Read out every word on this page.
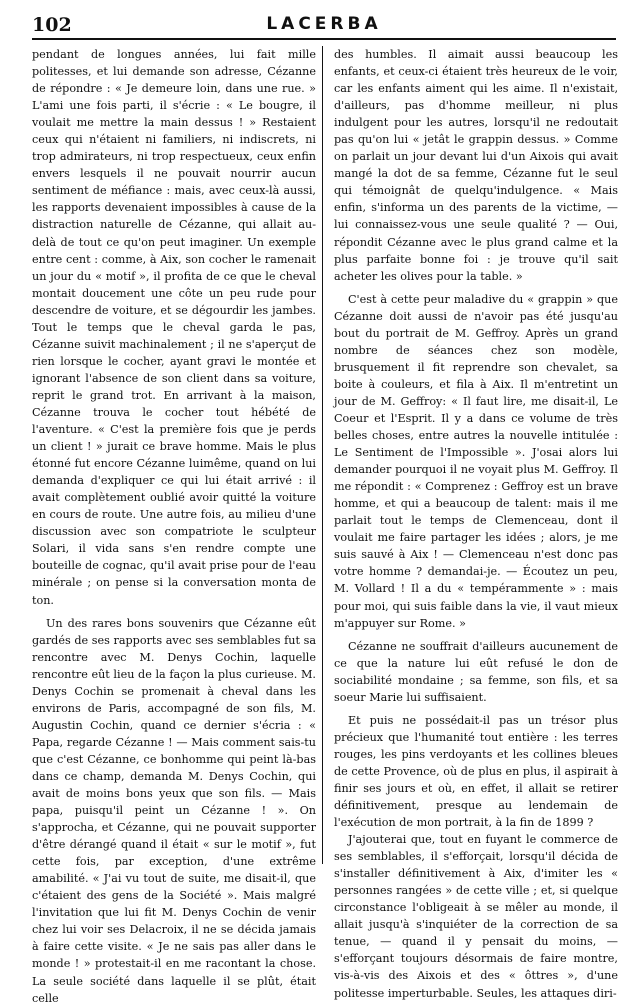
102	LACERBA

pendant de longues années, lui fait mille politesses, et lui demande son adresse, Cézanne de répondre : « Je demeure loin, dans une rue. » L'ami une fois parti, il s'écrie : « Le bougre, il voulait me mettre la main dessus ! » Restaient ceux qui n'étaient ni familiers, ni indiscrets, ni trop admirateurs, ni trop respectueux, ceux enfin envers lesquels il ne pouvait nourrir aucun sentiment de méfiance : mais, avec ceux-là aussi, les rapports devenaient impossibles à cause de la distraction naturelle de Cézanne, qui allait au-delà de tout ce qu'on peut imaginer. Un exemple entre cent : comme, à Aix, son cocher le ramenait un jour du « motif », il profita de ce que le cheval montait doucement une côte un peu rude pour descendre de voiture, et se dégourdir les jambes. Tout le temps que le cheval garda le pas, Cézanne suivit machinalement ; il ne s'aperçut de rien lorsque le cocher, ayant gravi le montée et ignorant l'absence de son client dans sa voiture, reprit le grand trot. En arrivant à la maison, Cézanne trouva le cocher tout hébété de l'aventure. « C'est la première fois que je perds un client ! » jurait ce brave homme. Mais le plus étonné fut encore Cézanne luimême, quand on lui demanda d'expliquer ce qui lui était arrivé : il avait complètement oublié avoir quitté la voiture en cours de route. Une autre fois, au milieu d'une discussion avec son compatriote le sculpteur Solari, il vida sans s'en rendre compte une bouteille de cognac, qu'il avait prise pour de l'eau minérale ; on pense si la conversation monta de ton.

Un des rares bons souvenirs que Cézanne eût gardés de ses rapports avec ses semblables fut sa rencontre avec M. Denys Cochin, laquelle rencontre eût lieu de la façon la plus curieuse. M. Denys Cochin se promenait à cheval dans les environs de Paris, accompagné de son fils, M. Augustin Cochin, quand ce dernier s'écria : « Papa, regarde Cézanne ! — Mais comment sais-tu que c'est Cézanne, ce bonhomme qui peint là-bas dans ce champ, demanda M. Denys Cochin, qui avait de moins bons yeux que son fils. — Mais papa, puisqu'il peint un Cézanne ! ». On s'approcha, et Cézanne, qui ne pouvait supporter d'être dérangé quand il était « sur le motif », fut cette fois, par exception, d'une extrême amabilité. « J'ai vu tout de suite, me disait-il, que c'étaient des gens de la Société ». Mais malgré l'invitation que lui fit M. Denys Cochin de venir chez lui voir ses Delacroix, il ne se décida jamais à faire cette visite. « Je ne sais pas aller dans le monde ! » protestait-il en me racontant la chose. La seule société dans laquelle il se plût, était celle

des humbles. Il aimait aussi beaucoup les enfants, et ceux-ci étaient très heureux de le voir, car les enfants aiment qui les aime. Il n'existait, d'ailleurs, pas d'homme meilleur, ni plus indulgent pour les autres, lorsqu'il ne redoutait pas qu'on lui « jetât le grappin dessus. » Comme on parlait un jour devant lui d'un Aixois qui avait mangé la dot de sa femme, Cézanne fut le seul qui témoignât de quelqu'indulgence. « Mais enfin, s'informa un des parents de la victime, — lui connaissez-vous une seule qualité ? — Oui, répondit Cézanne avec le plus grand calme et la plus parfaite bonne foi : je trouve qu'il sait acheter les olives pour la table. »

C'est à cette peur maladive du « grappin » que Cézanne doit aussi de n'avoir pas été jusqu'au bout du portrait de M. Geffroy. Après un grand nombre de séances chez son modèle, brusquement il fit reprendre son chevalet, sa boite à couleurs, et fila à Aix. Il m'entretint un jour de M. Geffroy: « Il faut lire, me disait-il, Le Coeur et l'Esprit. Il y a dans ce volume de très belles choses, entre autres la nouvelle intitulée : Le Sentiment de l'Impossible ». J'osai alors lui demander pourquoi il ne voyait plus M. Geffroy. Il me répondit : « Comprenez : Geffroy est un brave homme, et qui a beaucoup de talent: mais il me parlait tout le temps de Clemenceau, dont il voulait me faire partager les idées ; alors, je me suis sauvé à Aix ! — Clemenceau n'est donc pas votre homme ? demandai-je. — Écoutez un peu, M. Vollard ! Il a du « tempérammente » : mais pour moi, qui suis faible dans la vie, il vaut mieux m'appuyer sur Rome. »

Cézanne ne souffrait d'ailleurs aucunement de ce que la nature lui eût refusé le don de sociabilité mondaine ; sa femme, son fils, et sa soeur Marie lui suffisaient.

Et puis ne possédait-il pas un trésor plus précieux que l'humanité tout entière : les terres rouges, les pins verdoyants et les collines bleues de cette Provence, où de plus en plus, il aspirait à finir ses jours et où, en effet, il allait se retirer définitivement, presque au lendemain de l'exécution de mon portrait, à la fin de 1899 ?

J'ajouterai que, tout en fuyant le commerce de ses semblables, il s'efforçait, lorsqu'il décida de s'installer définitivement à Aix, d'imiter les « personnes rangées » de cette ville ; et, si quelque circonstance l'obligeait à se mêler au monde, il allait jusqu'à s'inquiéter de la correction de sa tenue, — quand il y pensait du moins, — s'efforçant toujours désormais de faire montre, vis-à-vis des Aixois et des « ôttres », d'une politesse imperturbable. Seules, les attaques diri-
